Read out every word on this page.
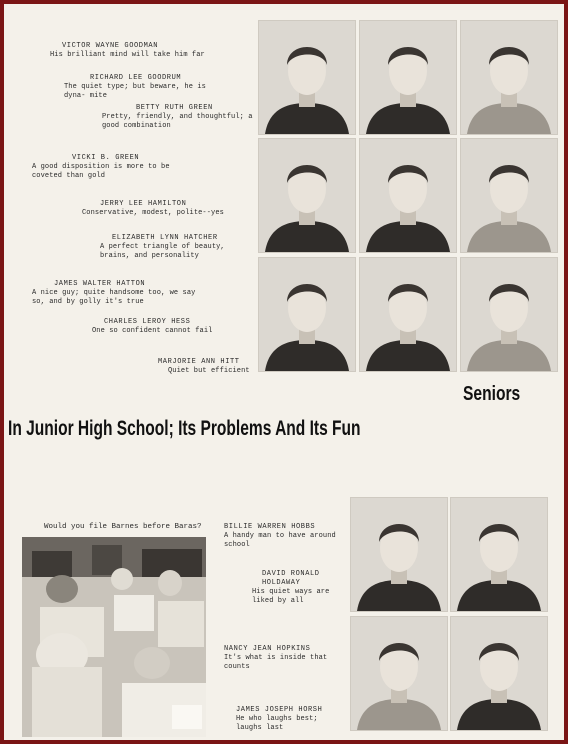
VICTOR WAYNE GOODMAN
His brilliant mind will take him far
RICHARD LEE GOODRUM
The quiet type; but beware, he is dyna- mite
BETTY RUTH GREEN
Pretty, friendly, and thoughtful; a good combination
VICKI B. GREEN
A good disposition is more to be coveted than gold
JERRY LEE HAMILTON
Conservative, modest, polite--yes
ELIZABETH LYNN HATCHER
A perfect triangle of beauty, brains, and personality
JAMES WALTER HATTON
A nice guy; quite handsome too, we say so, and by golly it's true
CHARLES LEROY HESS
One so confident cannot fail
MARJORIE ANN HITT
Quiet but efficient
Seniors
In Junior High School; Its Problems And Its Fun
Would you file Barnes before Baras?	BILLIE WARREN HOBBS
A handy man to have around school
DAVID RONALD HOLDAWAY
His quiet ways are liked by all
NANCY JEAN HOPKINS
It's what is inside that counts
JAMES JOSEPH HORSH
He who laughs best; laughs last
